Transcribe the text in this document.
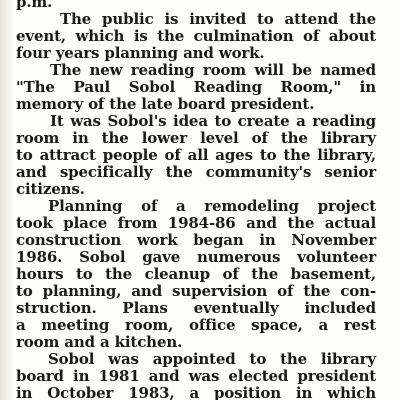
p.m.
The public is invited to attend the
event, which is the culmination of about
four years planning and work.
The new reading room will be named
"The Paul Sobol Reading Room," in
memory of the late board president.
It was Sobol's idea to create a reading
room in the lower level of the library
to attract people of all ages to the library,
and specifically the community's senior
citizens.
Planning of a remodeling project
took place from 1984-86 and the actual
construction work began in November
1986. Sobol gave numerous volunteer
hours to the cleanup of the basement,
to planning, and supervision of the con-
struction. Plans eventually included
a meeting room, office space, a rest
room and a kitchen.
Sobol was appointed to the library
board in 1981 and was elected president
in October 1983, a position in which
